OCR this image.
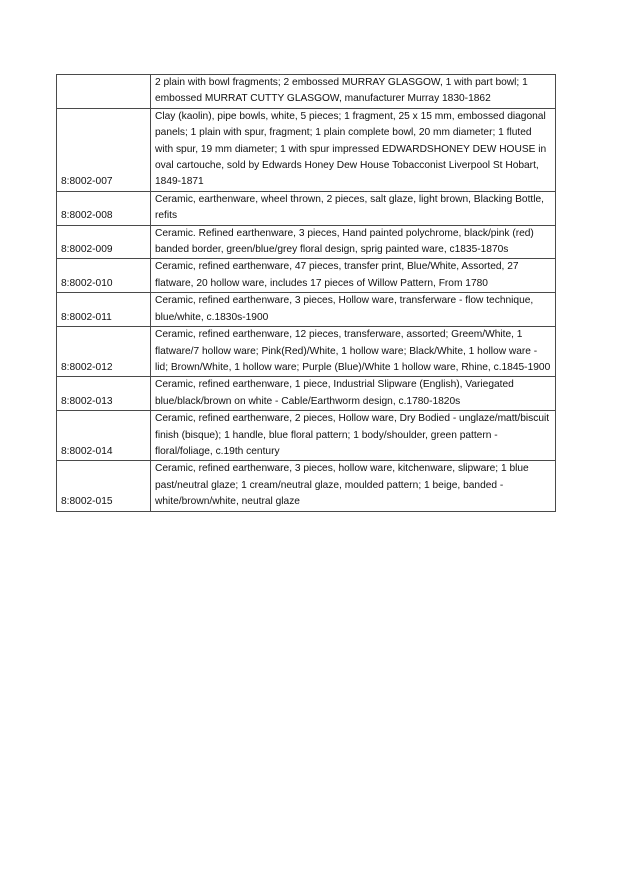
	2 plain with bowl fragments; 2 embossed MURRAY GLASGOW, 1 with part bowl; 1 embossed MURRAT CUTTY GLASGOW, manufacturer Murray 1830-1862
8:8002-007	Clay (kaolin), pipe bowls, white, 5 pieces; 1 fragment, 25 x 15 mm, embossed diagonal panels; 1 plain with spur, fragment; 1 plain complete bowl, 20 mm diameter; 1 fluted with spur, 19 mm diameter; 1 with spur impressed EDWARDSHONEY DEW HOUSE in oval cartouche, sold by Edwards Honey Dew House Tobacconist Liverpool St Hobart, 1849-1871
8:8002-008	Ceramic, earthenware, wheel thrown, 2 pieces, salt glaze, light brown, Blacking Bottle, refits
8:8002-009	Ceramic. Refined earthenware, 3 pieces, Hand painted polychrome, black/pink (red) banded border, green/blue/grey floral design, sprig painted ware, c1835-1870s
8:8002-010	Ceramic, refined earthenware, 47 pieces, transfer print, Blue/White, Assorted, 27 flatware, 20 hollow ware, includes 17 pieces of Willow Pattern, From 1780
8:8002-011	Ceramic, refined earthenware, 3 pieces, Hollow ware, transferware - flow technique, blue/white, c.1830s-1900
8:8002-012	Ceramic, refined earthenware, 12 pieces, transferware, assorted; Greem/White, 1 flatware/7 hollow ware; Pink(Red)/White, 1 hollow ware; Black/White, 1 hollow ware - lid; Brown/White, 1 hollow ware; Purple (Blue)/White 1 hollow ware, Rhine, c.1845-1900
8:8002-013	Ceramic, refined earthenware, 1 piece, Industrial Slipware (English), Variegated blue/black/brown on white - Cable/Earthworm design, c.1780-1820s
8:8002-014	Ceramic, refined earthenware, 2 pieces, Hollow ware, Dry Bodied - unglaze/matt/biscuit finish (bisque); 1 handle, blue floral pattern; 1 body/shoulder, green pattern - floral/foliage, c.19th century
8:8002-015	Ceramic, refined earthenware, 3 pieces, hollow ware, kitchenware, slipware; 1 blue past/neutral glaze; 1 cream/neutral glaze, moulded pattern; 1 beige, banded - white/brown/white, neutral glaze
